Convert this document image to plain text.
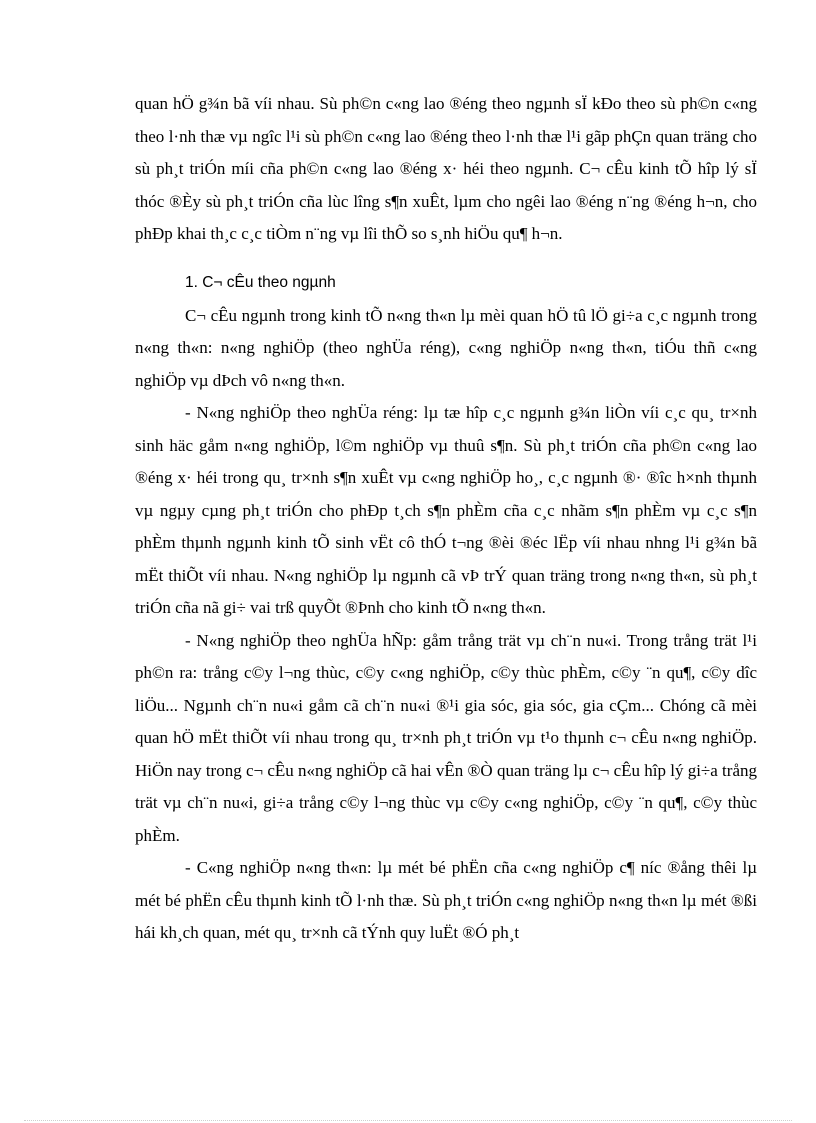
quan hÖ g¾n bã víi nhau. Sù ph©n c«ng lao ®éng theo ngµnh sÏ kÐo theo sù ph©n c«ng theo l·nh thæ vµ ngîc l¹i sù ph©n c«ng lao ®éng theo l·nh thæ l¹i gãp phÇn quan träng cho sù ph¸t triÓn míi cña ph©n c«ng lao ®éng x· héi theo ngµnh. C¬ cÊu kinh tÕ hîp lý sÏ thóc ®Èy sù ph¸t triÓn cña lùc lîng s¶n xuÊt, lµm cho ngêi lao ®éng n¨ng ®éng h¬n, cho phÐp khai th¸c c¸c tiÒm n¨ng vµ lîi thÕ so s¸nh hiÖu qu¶ h¬n.

1. C¬ cÊu theo ngµnh

C¬ cÊu ngµnh trong kinh tÕ n«ng th«n lµ mèi quan hÖ tû lÖ gi÷a c¸c ngµnh trong n«ng th«n: n«ng nghiÖp (theo nghÜa réng), c«ng nghiÖp n«ng th«n, tiÓu thñ c«ng nghiÖp vµ dÞch vô n«ng th«n.

- N«ng nghiÖp theo nghÜa réng: lµ tæ hîp c¸c ngµnh g¾n liÒn víi c¸c qu¸ tr×nh sinh häc gåm n«ng nghiÖp, l©m nghiÖp vµ thuû s¶n. Sù ph¸t triÓn cña ph©n c«ng lao ®éng x· héi trong qu¸ tr×nh s¶n xuÊt vµ c«ng nghiÖp ho¸, c¸c ngµnh ®· ®îc h×nh thµnh vµ ngµy cµng ph¸t triÓn cho phÐp t¸ch s¶n phÈm cña c¸c nhãm s¶n phÈm vµ c¸c s¶n phÈm thµnh ngµnh kinh tÕ sinh vËt cô thÓ t¬ng ®èi ®éc lËp víi nhau nhng l¹i g¾n bã mËt thiÕt víi nhau. N«ng nghiÖp lµ ngµnh cã vÞ trÝ quan träng trong n«ng th«n, sù ph¸t triÓn cña nã gi÷ vai trß quyÕt ®Þnh cho kinh tÕ n«ng th«n.

- N«ng nghiÖp theo nghÜa hÑp: gåm trång trät vµ ch¨n nu«i. Trong trång trät l¹i ph©n ra: trång c©y l¬ng thùc, c©y c«ng nghiÖp, c©y thùc phÈm, c©y ¨n qu¶, c©y dîc liÖu... Ngµnh ch¨n nu«i gåm cã ch¨n nu«i ®¹i gia sóc, gia sóc, gia cÇm... Chóng cã mèi quan hÖ mËt thiÕt víi nhau trong qu¸ tr×nh ph¸t triÓn vµ t¹o thµnh c¬ cÊu n«ng nghiÖp. HiÖn nay trong c¬ cÊu n«ng nghiÖp cã hai vÊn ®Ò quan träng lµ c¬ cÊu hîp lý gi÷a trång trät vµ ch¨n nu«i, gi÷a trång c©y l¬ng thùc vµ c©y c«ng nghiÖp, c©y ¨n qu¶, c©y thùc phÈm.

- C«ng nghiÖp n«ng th«n: lµ mét bé phËn cña c«ng nghiÖp c¶ níc ®ång thêi lµ mét bé phËn cÊu thµnh kinh tÕ l·nh thæ. Sù ph¸t triÓn c«ng nghiÖp n«ng th«n lµ mét ®ßi hái kh¸ch quan, mét qu¸ tr×nh cã tÝnh quy luËt ®Ó ph¸t
